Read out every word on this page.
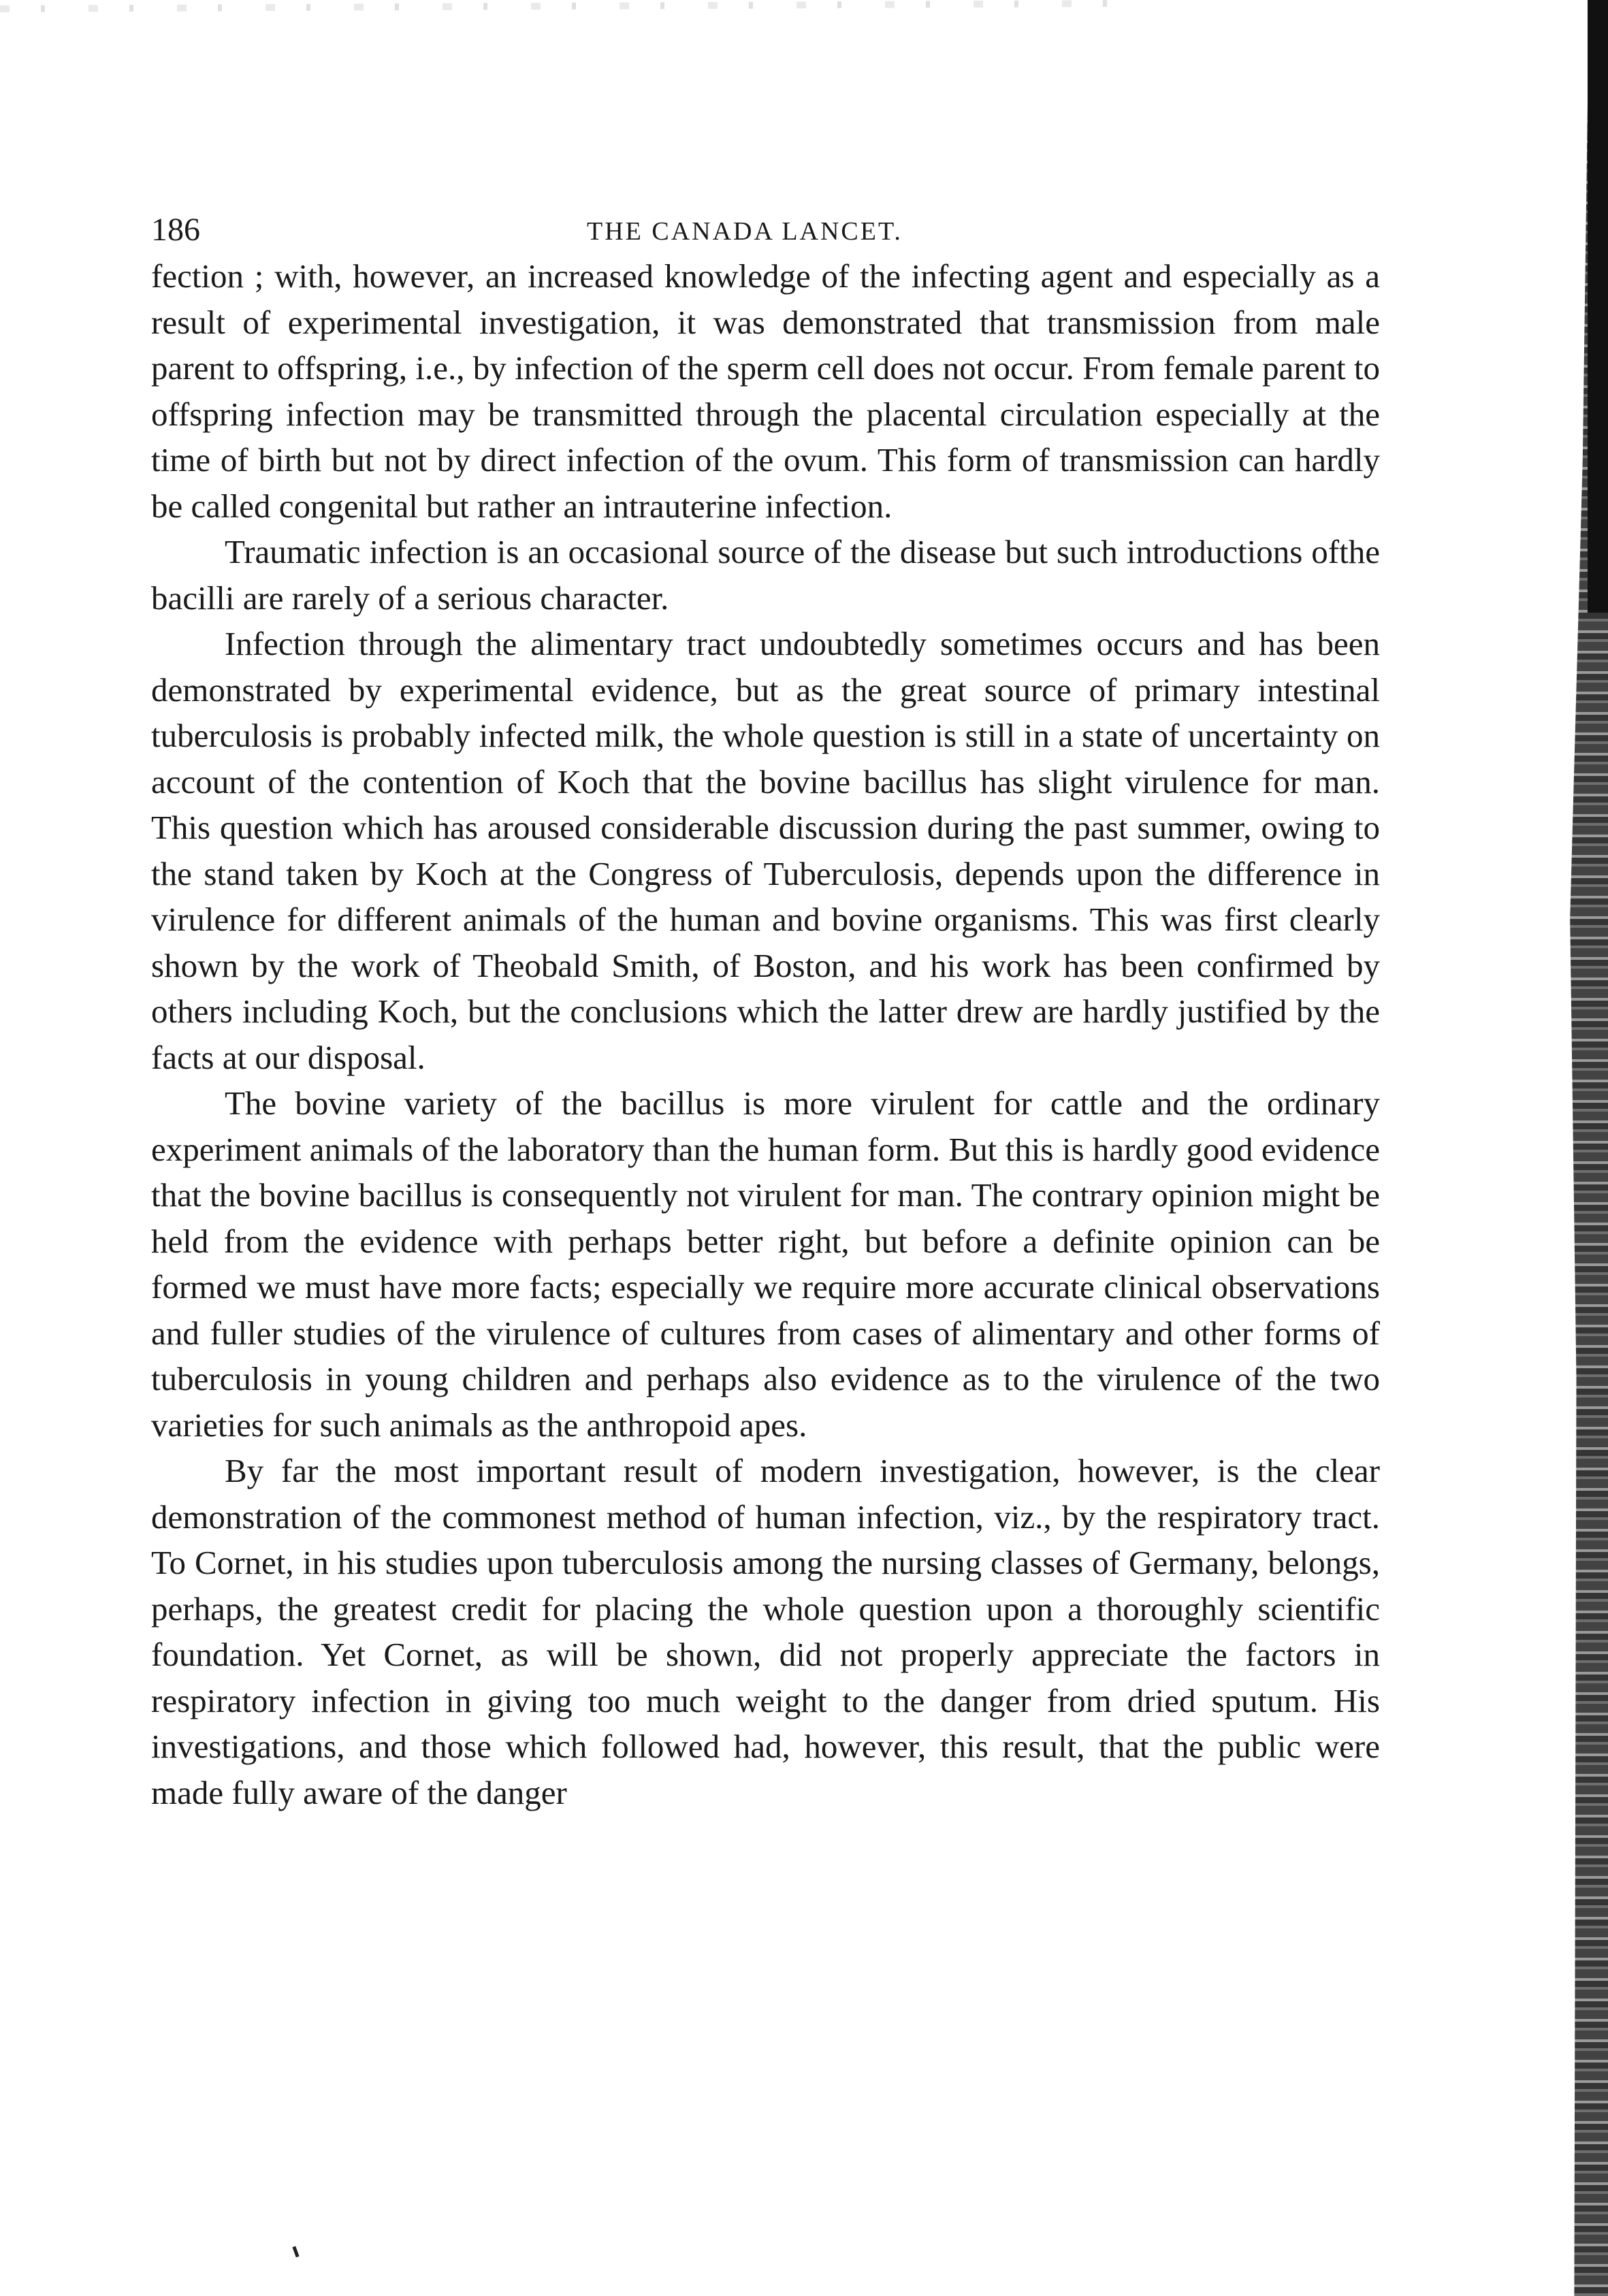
186	THE CANADA LANCET.

fection ; with, however, an increased knowledge of the infecting agent and especially as a result of experimental investigation, it was demonstrated that transmission from male parent to offspring, i.e., by infection of the sperm cell does not occur. From female parent to offspring infection may be transmitted through the placental circulation especially at the time of birth but not by direct infection of the ovum. This form of transmission can hardly be called congenital but rather an intrauterine infection.

Traumatic infection is an occasional source of the disease but such introductions ofthe bacilli are rarely of a serious character.

Infection through the alimentary tract undoubtedly sometimes occurs and has been demonstrated by experimental evidence, but as the great source of primary intestinal tuberculosis is probably infected milk, the whole question is still in a state of uncertainty on account of the contention of Koch that the bovine bacillus has slight virulence for man. This question which has aroused considerable discussion during the past summer, owing to the stand taken by Koch at the Congress of Tuberculosis, depends upon the difference in virulence for different animals of the human and bovine organisms. This was first clearly shown by the work of Theobald Smith, of Boston, and his work has been confirmed by others including Koch, but the conclusions which the latter drew are hardly justified by the facts at our disposal.

The bovine variety of the bacillus is more virulent for cattle and the ordinary experiment animals of the laboratory than the human form. But this is hardly good evidence that the bovine bacillus is consequently not virulent for man. The contrary opinion might be held from the evidence with perhaps better right, but before a definite opinion can be formed we must have more facts; especially we require more accurate clinical observations and fuller studies of the virulence of cultures from cases of alimentary and other forms of tuberculosis in young children and perhaps also evidence as to the virulence of the two varieties for such animals as the anthropoid apes.

By far the most important result of modern investigation, however, is the clear demonstration of the commonest method of human infection, viz., by the respiratory tract. To Cornet, in his studies upon tuberculosis among the nursing classes of Germany, belongs, perhaps, the greatest credit for placing the whole question upon a thoroughly scientific foundation. Yet Cornet, as will be shown, did not properly appreciate the factors in respiratory infection in giving too much weight to the danger from dried sputum. His investigations, and those which followed had, however, this result, that the public were made fully aware of the danger
